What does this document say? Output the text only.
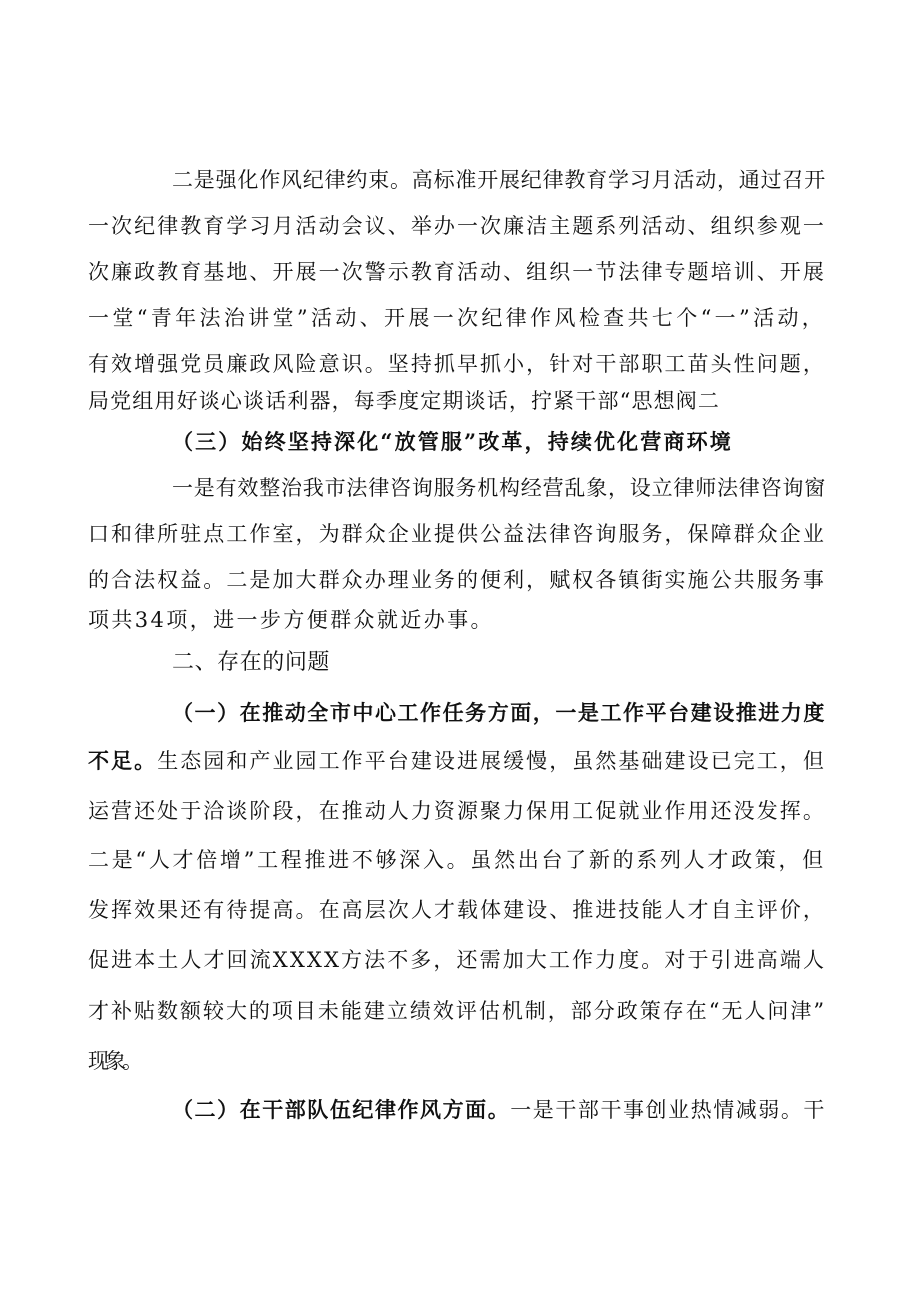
二是强化作风纪律约束。高标准开展纪律教育学习月活动，通过召开
一次纪律教育学习月活动会议、举办一次廉洁主题系列活动、组织参观一
次廉政教育基地、开展一次警示教育活动、组织一节法律专题培训、开展
一堂“青年法治讲堂”活动、开展一次纪律作风检查共七个“一”活动，
有效增强党员廉政风险意识。坚持抓早抓小，针对干部职工苗头性问题，
局党组用好谈心谈话利器，每季度定期谈话，拧紧干部“思想阀二
（三）始终坚持深化“放管服”改革，持续优化营商环境
一是有效整治我市法律咨询服务机构经营乱象，设立律师法律咨询窗
口和律所驻点工作室，为群众企业提供公益法律咨询服务，保障群众企业
的合法权益。二是加大群众办理业务的便利，赋权各镇街实施公共服务事
项共34项，进一步方便群众就近办事。
二、存在的问题
（一）在推动全市中心工作任务方面，一是工作平台建设推进力度
不足。生态园和产业园工作平台建设进展缓慢，虽然基础建设已完工，但
运营还处于洽谈阶段，在推动人力资源聚力保用工促就业作用还没发挥。
二是“人才倍增”工程推进不够深入。虽然出台了新的系列人才政策，但
发挥效果还有待提高。在高层次人才载体建设、推进技能人才自主评价，
促进本土人才回流XXXX方法不多，还需加大工作力度。对于引进高端人
才补贴数额较大的项目未能建立绩效评估机制，部分政策存在“无人问津”
现象。
（二）在干部队伍纪律作风方面。一是干部干事创业热情减弱。干
